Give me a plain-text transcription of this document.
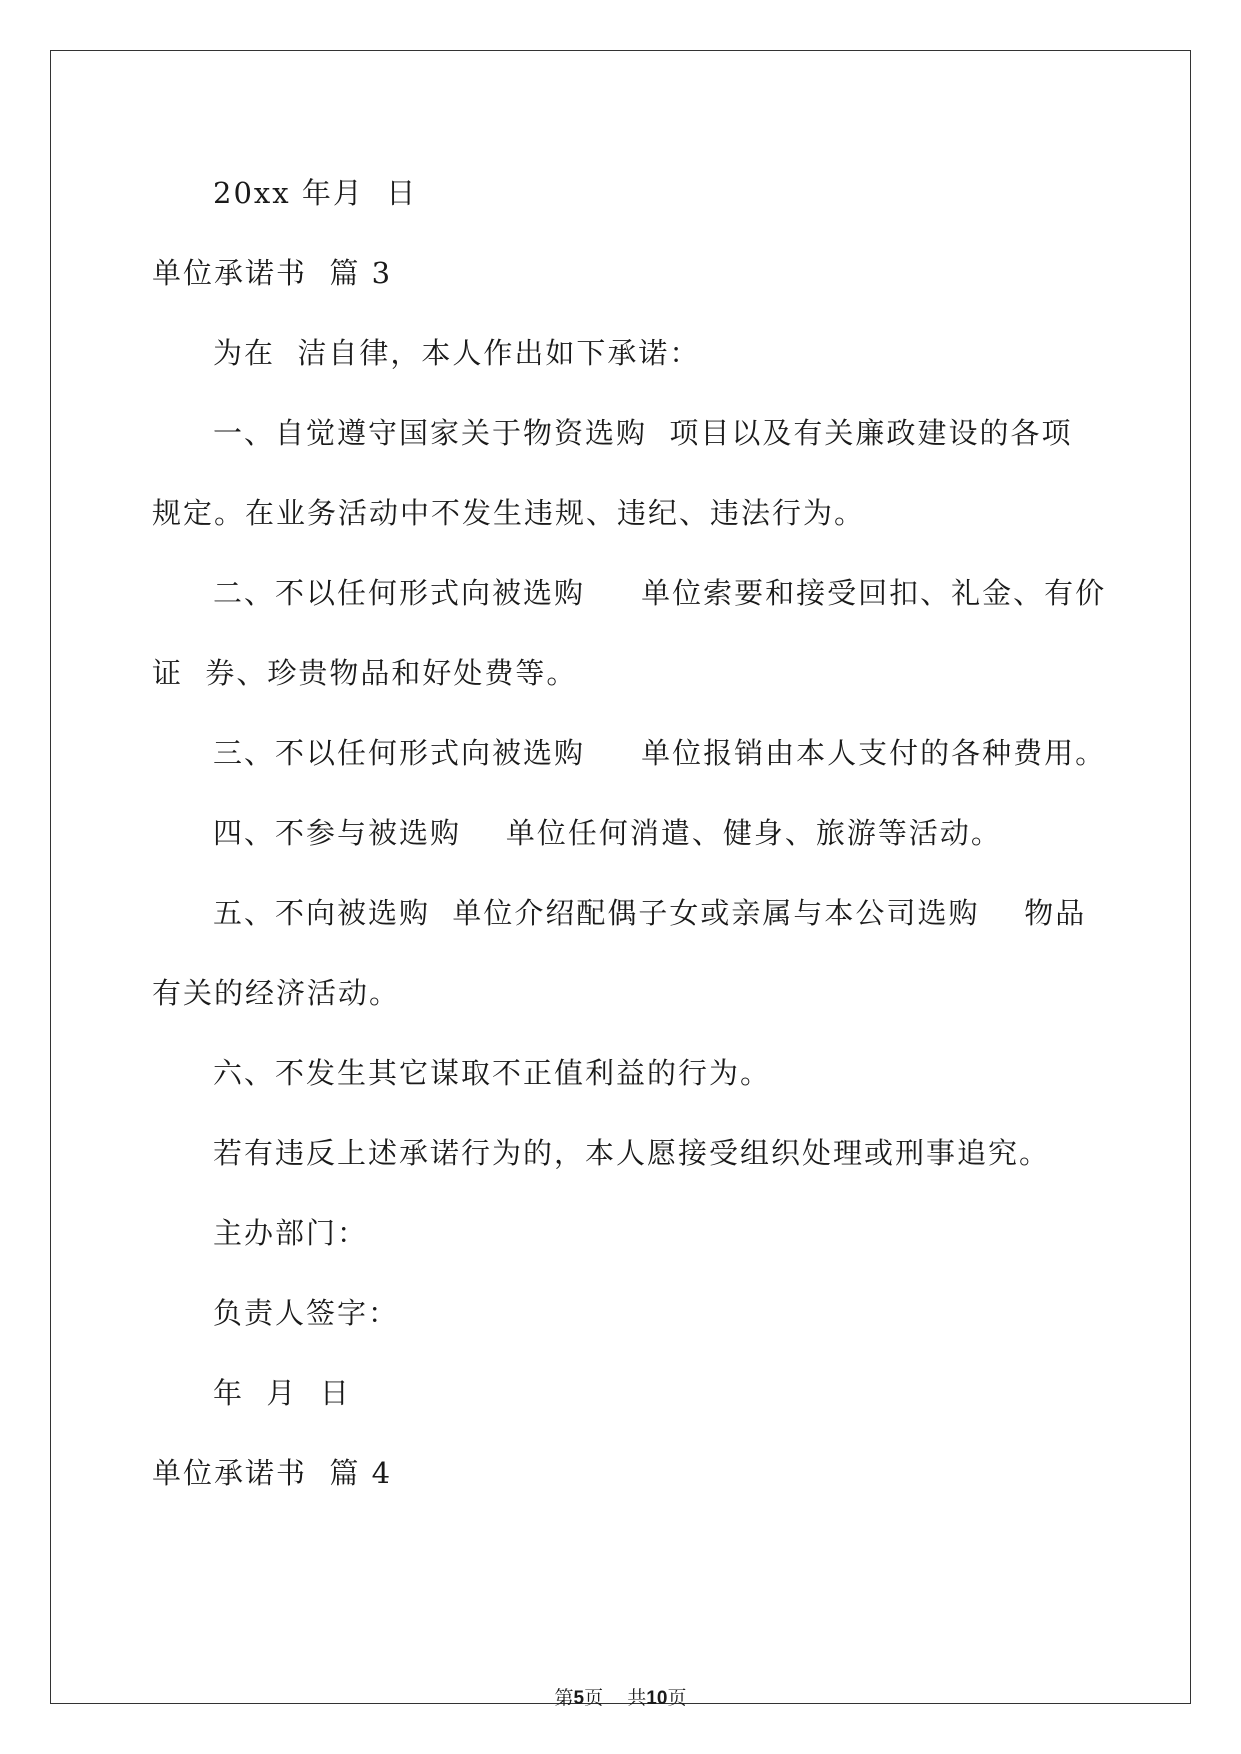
20xx 年月  日
单位承诺书  篇 3
为在  洁自律，本人作出如下承诺：
一、自觉遵守国家关于物资选购  项目以及有关廉政建设的各项
规定。在业务活动中不发生违规、违纪、违法行为。
二、不以任何形式向被选购     单位索要和接受回扣、礼金、有价
证  券、珍贵物品和好处费等。
三、不以任何形式向被选购     单位报销由本人支付的各种费用。
四、不参与被选购    单位任何消遣、健身、旅游等活动。
五、不向被选购  单位介绍配偶子女或亲属与本公司选购    物品
有关的经济活动。
六、不发生其它谋取不正值利益的行为。
若有违反上述承诺行为的，本人愿接受组织处理或刑事追究。
主办部门：
负责人签字：
年  月  日
单位承诺书  篇 4
第5页    共10页
